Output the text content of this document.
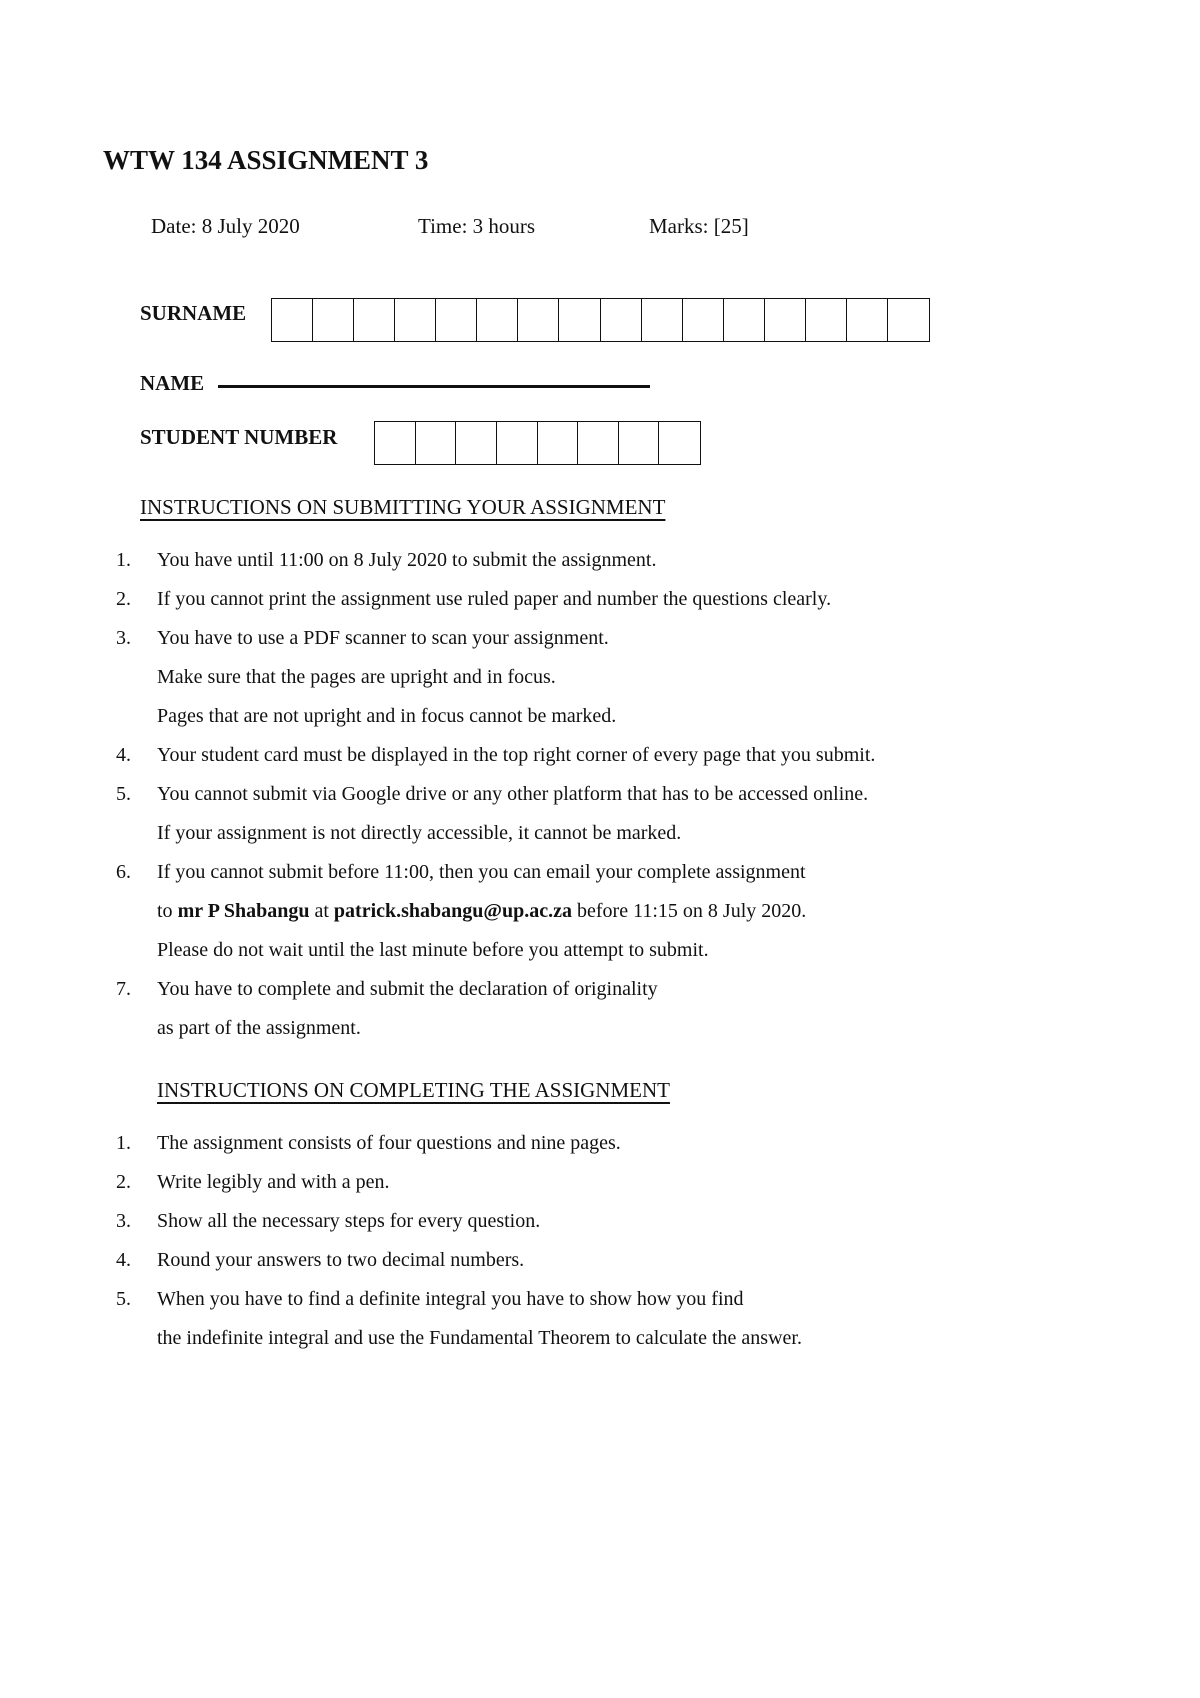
WTW 134 ASSIGNMENT 3
Date: 8 July 2020	Time: 3 hours	Marks: [25]
SURNAME
NAME
STUDENT NUMBER
INSTRUCTIONS ON SUBMITTING YOUR ASSIGNMENT
1. You have until 11:00 on 8 July 2020 to submit the assignment.
2. If you cannot print the assignment use ruled paper and number the questions clearly.
3. You have to use a PDF scanner to scan your assignment.
Make sure that the pages are upright and in focus.
Pages that are not upright and in focus cannot be marked.
4. Your student card must be displayed in the top right corner of every page that you submit.
5. You cannot submit via Google drive or any other platform that has to be accessed online.
If your assignment is not directly accessible, it cannot be marked.
6. If you cannot submit before 11:00, then you can email your complete assignment
to mr P Shabangu at patrick.shabangu@up.ac.za before 11:15 on 8 July 2020.
Please do not wait until the last minute before you attempt to submit.
7. You have to complete and submit the declaration of originality
as part of the assignment.
INSTRUCTIONS ON COMPLETING THE ASSIGNMENT
1. The assignment consists of four questions and nine pages.
2. Write legibly and with a pen.
3. Show all the necessary steps for every question.
4. Round your answers to two decimal numbers.
5. When you have to find a definite integral you have to show how you find
the indefinite integral and use the Fundamental Theorem to calculate the answer.
